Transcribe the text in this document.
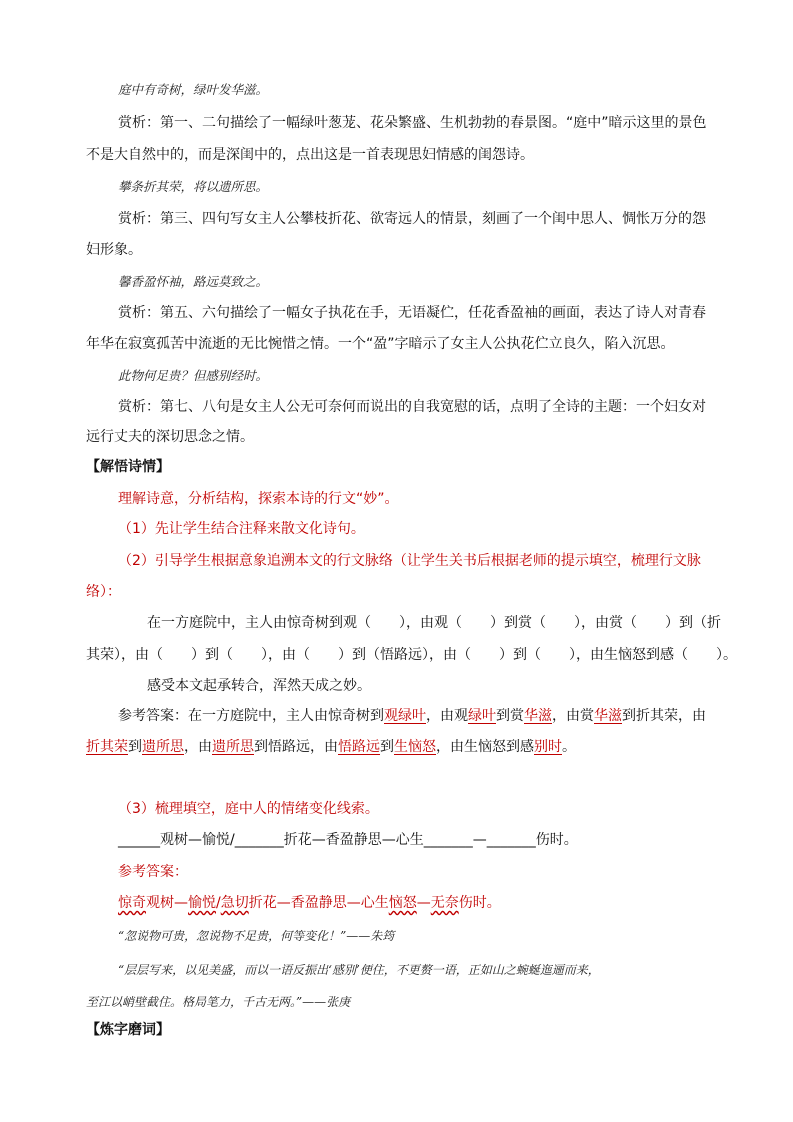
庭中有奇树，绿叶发华滋。
赏析：第一、二句描绘了一幅绿叶葱茏、花朵繁盛、生机勃勃的春景图。“庭中”暗示这里的景色
不是大自然中的，而是深闺中的，点出这是一首表现思妇情感的闺怨诗。
攀条折其荣，将以遗所思。
赏析：第三、四句写女主人公攀枝折花、欲寄远人的情景，刻画了一个闺中思人、惆怅万分的怨
妇形象。
馨香盈怀袖，路远莫致之。
赏析：第五、六句描绘了一幅女子执花在手，无语凝伫，任花香盈袖的画面，表达了诗人对青春
年华在寂寞孤苦中流逝的无比惋惜之情。一个“盈”字暗示了女主人公执花伫立良久，陷入沉思。
此物何足贵？但感别经时。
赏析：第七、八句是女主人公无可奈何而说出的自我宽慰的话，点明了全诗的主题：一个妇女对
远行丈夫的深切思念之情。
【解悟诗情】
理解诗意，分析结构，探索本诗的行文“妙”。
（1）先让学生结合注释来散文化诗句。
（2）引导学生根据意象追溯本文的行文脉络（让学生关书后根据老师的提示填空，梳理行文脉
络）：
在一方庭院中，主人由惊奇树到观（　　），由观（　　）到赏（　　），由赏（　　）到（折
其荣），由（　　）到（　　），由（　　）到（悟路远），由（　　）到（　　），由生恼怒到感（　　）。
感受本文起承转合，浑然天成之妙。
参考答案：在一方庭院中，主人由惊奇树到观绿叶，由观绿叶到赏华滋，由赏华滋到折其荣，由
折其荣到遗所思，由遗所思到悟路远，由悟路远到生恼怒，由生恼怒到感别时。
（3）梳理填空，庭中人的情绪变化线索。
______观树—愉悦/_______折花—香盈静思—心生_______—_______伤时。
参考答案：
惊奇观树—愉悦/急切折花—香盈静思—心生恼怒—无奈伤时。
“忽说物可贵，忽说物不足贵，何等变化！”——朱筠
“层层写来，以见美盛，而以一语反振出‘感别’便住，不更赘一语，正如山之蜿蜒迤逦而来，
至江以峭壁截住。格局笔力，千古无两。”——张庚
【炼字磨词】
